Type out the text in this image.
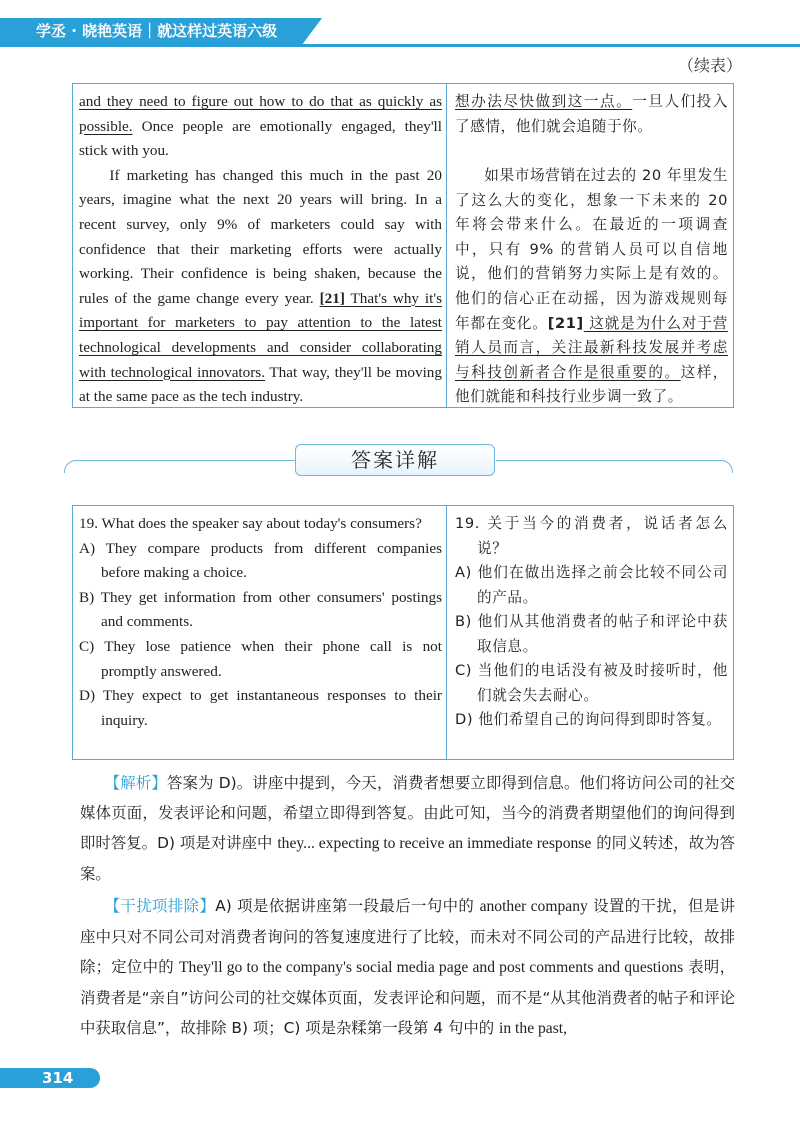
学丞 · 晓艳英语｜就这样过英语六级
（续表）

and they need to figure out how to do that as quickly as possible. Once people are emotionally engaged, they'll stick with you.

If marketing has changed this much in the past 20 years, imagine what the next 20 years will bring. In a recent survey, only 9% of marketers could say with confidence that their marketing efforts were actually working. Their confidence is being shaken, because the rules of the game change every year. [21] That's why it's important for marketers to pay attention to the latest technological developments and consider collaborating with technological innovators. That way, they'll be moving at the same pace as the tech industry.

想办法尽快做到这一点。一旦人们投入了感情，他们就会追随于你。

如果市场营销在过去的 20 年里发生了这么大的变化，想象一下未来的 20 年将会带来什么。在最近的一项调查中，只有 9% 的营销人员可以自信地说，他们的营销努力实际上是有效的。他们的信心正在动摇，因为游戏规则每年都在变化。[21] 这就是为什么对于营销人员而言，关注最新科技发展并考虑与科技创新者合作是很重要的。这样，他们就能和科技行业步调一致了。

答案详解
19. What does the speaker say about today's consumers?
A) They compare products from different companies before making a choice.
B) They get information from other consumers' postings and comments.
C) They lose patience when their phone call is not promptly answered.
D) They expect to get instantaneous responses to their inquiry.
19. 关于当今的消费者，说话者怎么说？
A) 他们在做出选择之前会比较不同公司的产品。
B) 他们从其他消费者的帖子和评论中获取信息。
C) 当他们的电话没有被及时接听时，他们就会失去耐心。
D) 他们希望自己的询问得到即时答复。

【解析】答案为 D)。讲座中提到，今天，消费者想要立即得到信息。他们将访问公司的社交媒体页面，发表评论和问题，希望立即得到答复。由此可知，当今的消费者期望他们的询问得到即时答复。D) 项是对讲座中 they... expecting to receive an immediate response 的同义转述，故为答案。

【干扰项排除】A) 项是依据讲座第一段最后一句中的 another company 设置的干扰，但是讲座中只对不同公司对消费者询问的答复速度进行了比较，而未对不同公司的产品进行比较，故排除；定位中的 They'll go to the company's social media page and post comments and questions 表明，消费者是“亲自”访问公司的社交媒体页面，发表评论和问题，而不是“从其他消费者的帖子和评论中获取信息”，故排除 B) 项；C) 项是杂糅第一段第 4 句中的 in the past,

314
